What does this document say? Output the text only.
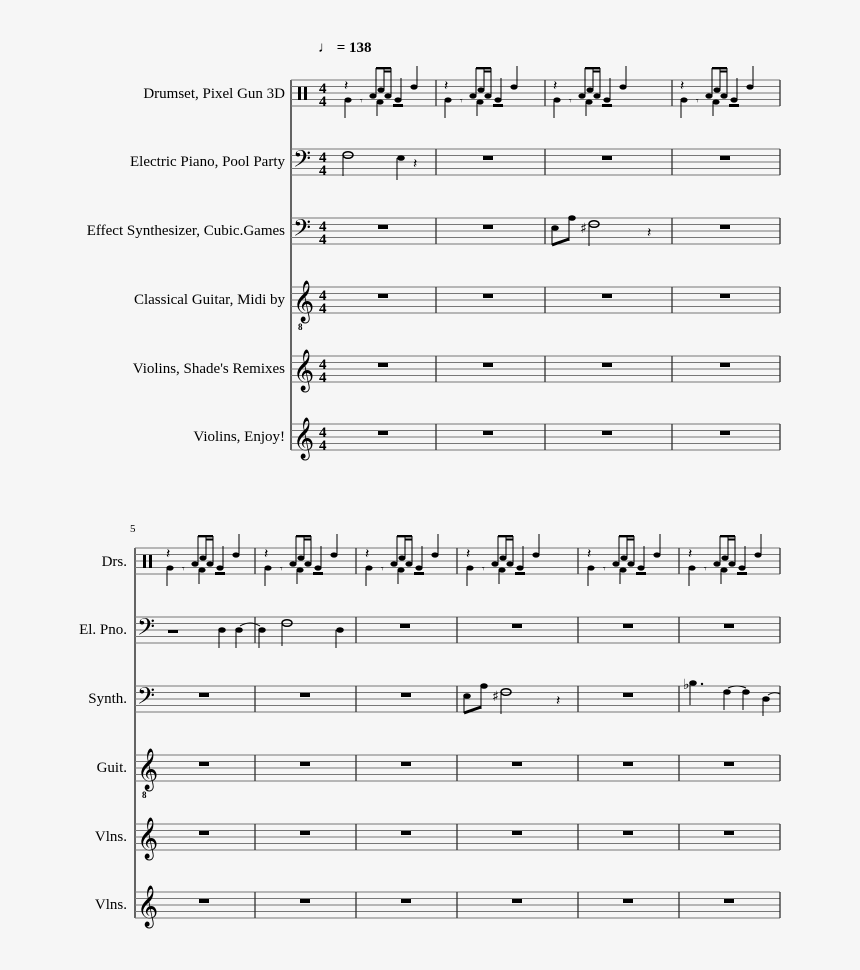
♩ = 138
Drumset, Pixel Gun 3D
Electric Piano, Pool Party
Effect Synthesizer, Cubic.Games
Classical Guitar, Midi by
Violins, Shade's Remixes
Violins, Enjoy!
5
Drs.
El. Pno.
Synth.
Guit.
Vlns.
Vlns.
𝄽
𝄾
𝄢
𝄢
𝄞
8
𝄞
𝄞
4
4
4
4
4
4
4
4
4
4
4
4
𝄽
♯	𝄽
𝄢
𝄢
𝄞
8
𝄞
𝄞
♯	𝄽
♭
